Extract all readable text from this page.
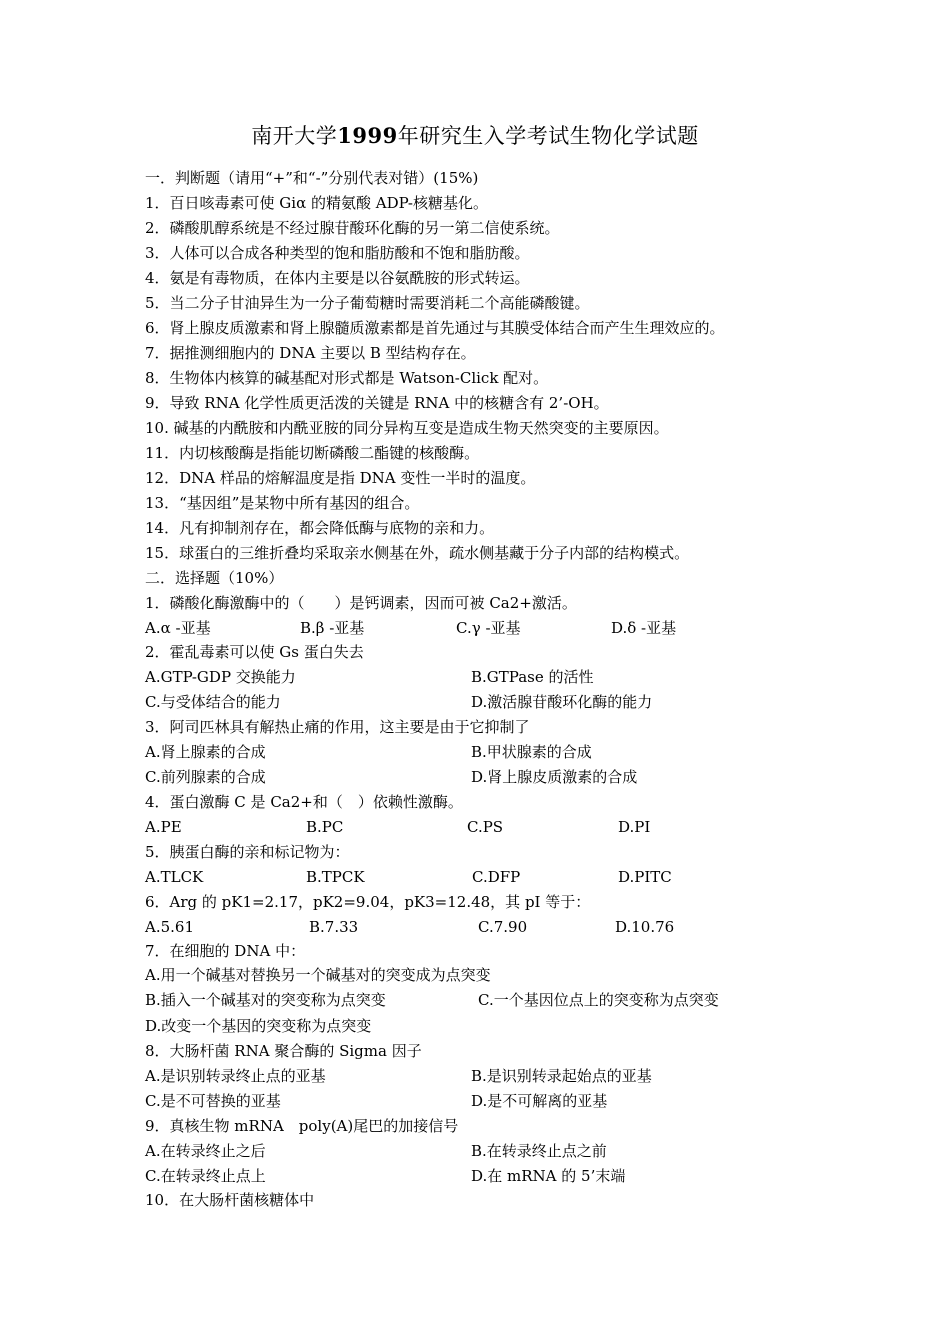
南开大学1999年研究生入学考试生物化学试题
一．判断题（请用“+”和“-”分别代表对错）(15%)
1．百日咳毒素可使 Giα 的精氨酸 ADP-核糖基化。
2．磷酸肌醇系统是不经过腺苷酸环化酶的另一第二信使系统。
3．人体可以合成各种类型的饱和脂肪酸和不饱和脂肪酸。
4．氨是有毒物质，在体内主要是以谷氨酰胺的形式转运。
5．当二分子甘油异生为一分子葡萄糖时需要消耗二个高能磷酸键。
6．肾上腺皮质激素和肾上腺髓质激素都是首先通过与其膜受体结合而产生生理效应的。
7．据推测细胞内的 DNA 主要以 B 型结构存在。
8．生物体内核算的碱基配对形式都是 Watson-Click 配对。
9．导致 RNA 化学性质更活泼的关键是 RNA 中的核糖含有 2’-OH。
10. 碱基的内酰胺和内酰亚胺的同分异构互变是造成生物天然突变的主要原因。
11．内切核酸酶是指能切断磷酸二酯键的核酸酶。
12．DNA 样品的熔解温度是指 DNA 变性一半时的温度。
13．“基因组”是某物中所有基因的组合。
14．凡有抑制剂存在，都会降低酶与底物的亲和力。
15．球蛋白的三维折叠均采取亲水侧基在外，疏水侧基藏于分子内部的结构模式。
二．选择题（10%）
1．磷酸化酶激酶中的（　　）是钙调素，因而可被 Ca2+激活。
A.α -亚基	B.β -亚基	C.γ -亚基	D.δ -亚基
2．霍乱毒素可以使 Gs 蛋白失去
A.GTP-GDP 交换能力	B.GTPase 的活性
C.与受体结合的能力	D.激活腺苷酸环化酶的能力
3．阿司匹林具有解热止痛的作用，这主要是由于它抑制了
A.肾上腺素的合成	B.甲状腺素的合成
C.前列腺素的合成	D.肾上腺皮质激素的合成
4．蛋白激酶 C 是 Ca2+和（　）依赖性激酶。
A.PE	B.PC	C.PS	D.PI
5．胰蛋白酶的亲和标记物为：
A.TLCK	B.TPCK	C.DFP	D.PITC
6．Arg 的 pK1=2.17，pK2=9.04，pK3=12.48，其 pI 等于：
A.5.61	B.7.33	C.7.90	D.10.76
7．在细胞的 DNA 中：
A.用一个碱基对替换另一个碱基对的突变成为点突变
B.插入一个碱基对的突变称为点突变	C.一个基因位点上的突变称为点突变
D.改变一个基因的突变称为点突变
8．大肠杆菌 RNA 聚合酶的 Sigma 因子
A.是识别转录终止点的亚基	B.是识别转录起始点的亚基
C.是不可替换的亚基	D.是不可解离的亚基
9．真核生物 mRNA　poly(A)尾巴的加接信号
A.在转录终止之后	B.在转录终止点之前
C.在转录终止点上	D.在 mRNA 的 5’末端
10．在大肠杆菌核糖体中
